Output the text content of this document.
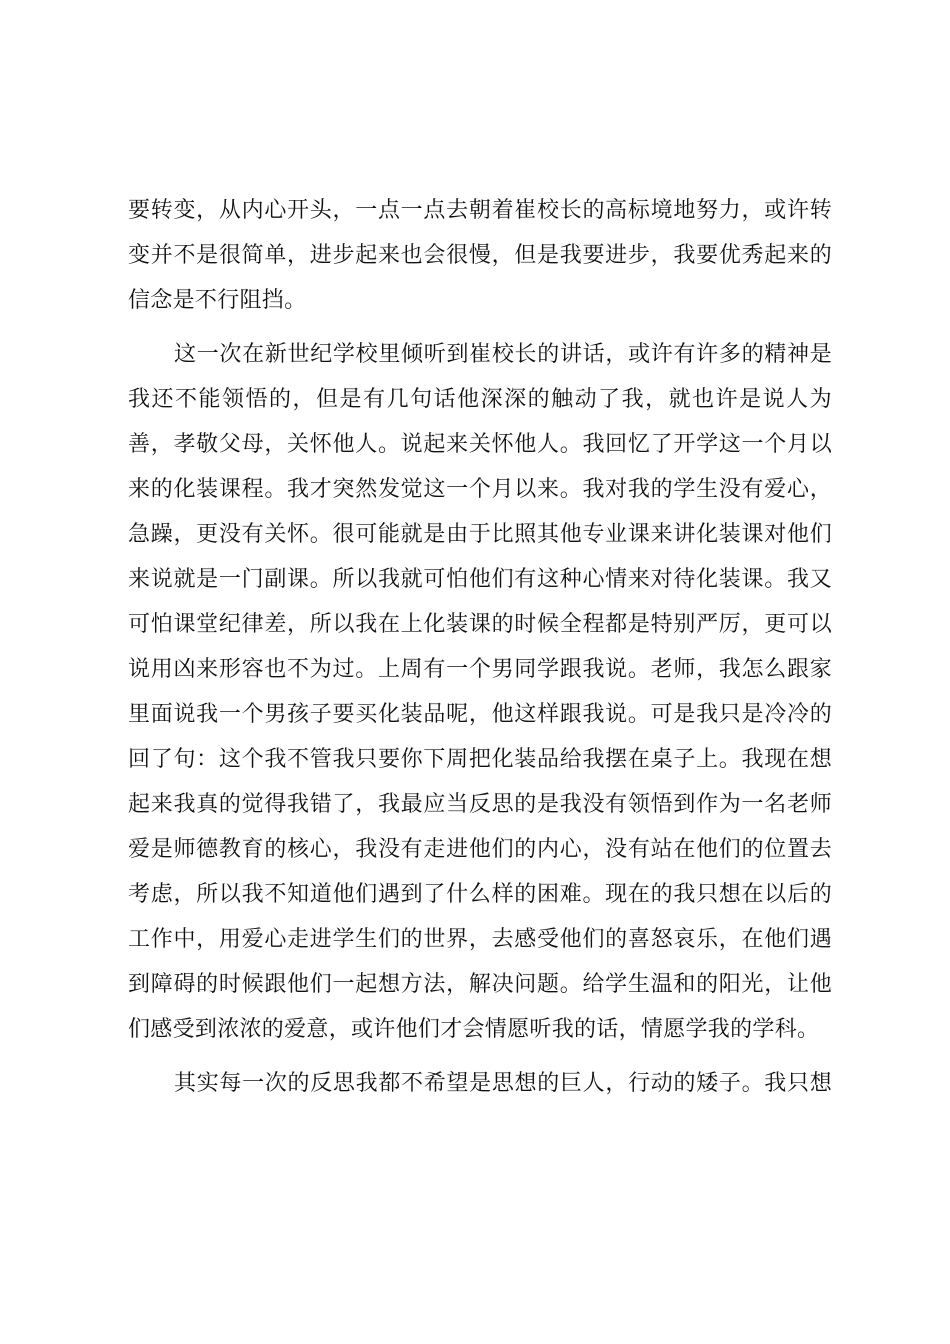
要转变，从内心开头，一点一点去朝着崔校长的高标境地努力，或许转
变并不是很简单，进步起来也会很慢，但是我要进步，我要优秀起来的
信念是不行阻挡。
这一次在新世纪学校里倾听到崔校长的讲话，或许有许多的精神是
我还不能领悟的，但是有几句话他深深的触动了我，就也许是说人为
善，孝敬父母，关怀他人。说起来关怀他人。我回忆了开学这一个月以
来的化装课程。我才突然发觉这一个月以来。我对我的学生没有爱心，
急躁，更没有关怀。很可能就是由于比照其他专业课来讲化装课对他们
来说就是一门副课。所以我就可怕他们有这种心情来对待化装课。我又
可怕课堂纪律差，所以我在上化装课的时候全程都是特别严厉，更可以
说用凶来形容也不为过。上周有一个男同学跟我说。老师，我怎么跟家
里面说我一个男孩子要买化装品呢，他这样跟我说。可是我只是冷冷的
回了句：这个我不管我只要你下周把化装品给我摆在桌子上。我现在想
起来我真的觉得我错了，我最应当反思的是我没有领悟到作为一名老师
爱是师德教育的核心，我没有走进他们的内心，没有站在他们的位置去
考虑，所以我不知道他们遇到了什么样的困难。现在的我只想在以后的
工作中，用爱心走进学生们的世界，去感受他们的喜怒哀乐，在他们遇
到障碍的时候跟他们一起想方法，解决问题。给学生温和的阳光，让他
们感受到浓浓的爱意，或许他们才会情愿听我的话，情愿学我的学科。
其实每一次的反思我都不希望是思想的巨人，行动的矮子。我只想
